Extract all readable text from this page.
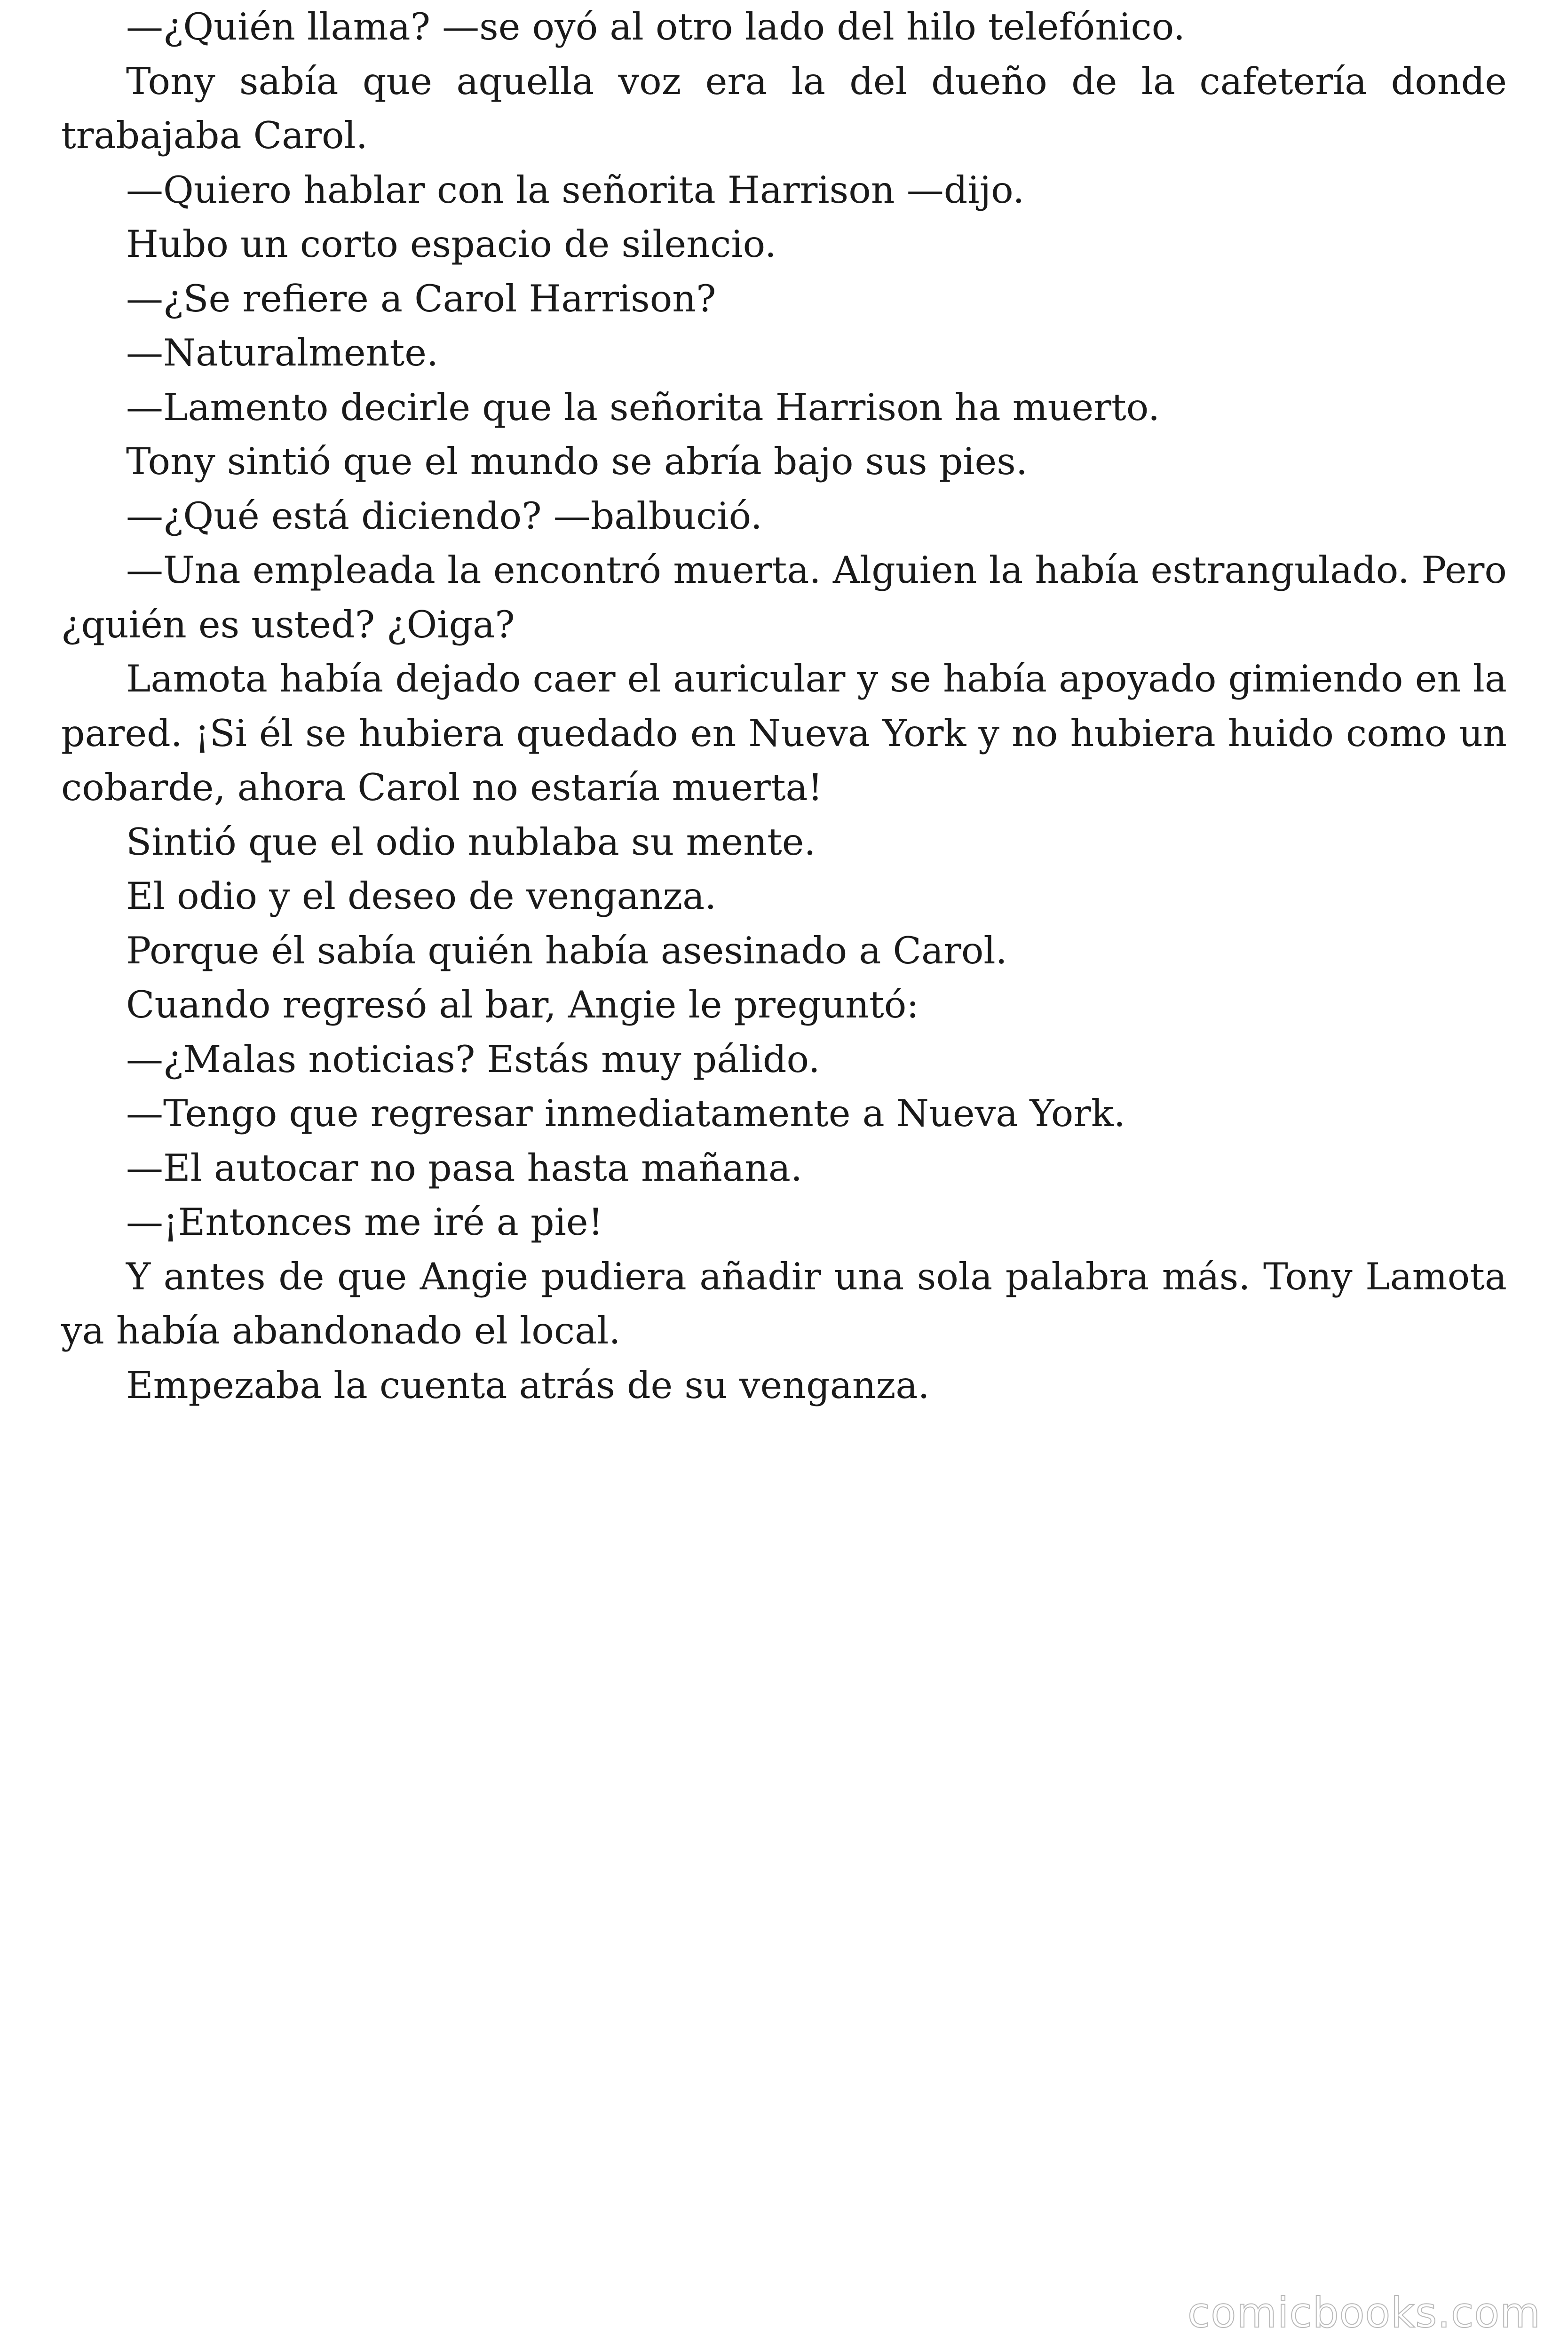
—¿Quién llama? —se oyó al otro lado del hilo telefónico.

Tony sabía que aquella voz era la del dueño de la cafetería donde trabajaba Carol.

—Quiero hablar con la señorita Harrison —dijo.

Hubo un corto espacio de silencio.

—¿Se refiere a Carol Harrison?

—Naturalmente.

—Lamento decirle que la señorita Harrison ha muerto.

Tony sintió que el mundo se abría bajo sus pies.

—¿Qué está diciendo? —balbució.

—Una empleada la encontró muerta. Alguien la había estrangulado. Pero ¿quién es usted? ¿Oiga?

Lamota había dejado caer el auricular y se había apoyado gimiendo en la pared. ¡Si él se hubiera quedado en Nueva York y no hubiera huido como un cobarde, ahora Carol no estaría muerta!

Sintió que el odio nublaba su mente.

El odio y el deseo de venganza.

Porque él sabía quién había asesinado a Carol.

Cuando regresó al bar, Angie le preguntó:

—¿Malas noticias? Estás muy pálido.

—Tengo que regresar inmediatamente a Nueva York.

—El autocar no pasa hasta mañana.

—¡Entonces me iré a pie!

Y antes de que Angie pudiera añadir una sola palabra más. Tony Lamota ya había abandonado el local.

Empezaba la cuenta atrás de su venganza.

comicbooks.com
